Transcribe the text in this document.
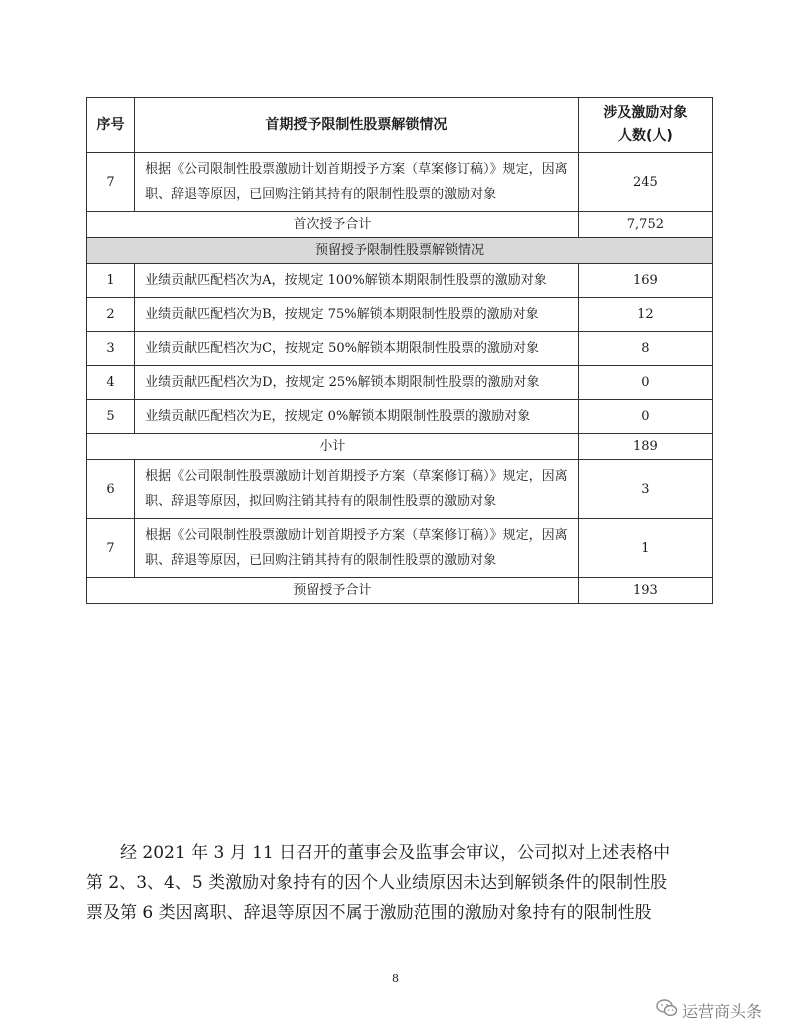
序号	首期授予限制性股票解锁情况	涉及激励对象
人数(人)

7	根据《公司限制性股票激励计划首期授予方案（草案修订稿）》规定，因离职、辞退等原因，已回购注销其持有的限制性股票的激励对象	245
首次授予合计		7,752
预留授予限制性股票解锁情况		
1	业绩贡献匹配档次为A，按规定 100%解锁本期限制性股票的激励对象	169
2	业绩贡献匹配档次为B，按规定 75%解锁本期限制性股票的激励对象	12
3	业绩贡献匹配档次为C，按规定 50%解锁本期限制性股票的激励对象	8
4	业绩贡献匹配档次为D，按规定 25%解锁本期限制性股票的激励对象	0
5	业绩贡献匹配档次为E，按规定 0%解锁本期限制性股票的激励对象	0
小计		189
6	根据《公司限制性股票激励计划首期授予方案（草案修订稿）》规定，因离职、辞退等原因，拟回购注销其持有的限制性股票的激励对象	3
7	根据《公司限制性股票激励计划首期授予方案（草案修订稿）》规定，因离职、辞退等原因，已回购注销其持有的限制性股票的激励对象	1
预留授予合计		193
　　经 2021 年 3 月 11 日召开的董事会及监事会审议，公司拟对上述表格中
第 2、3、4、5 类激励对象持有的因个人业绩原因未达到解锁条件的限制性股
票及第 6 类因离职、辞退等原因不属于激励范围的激励对象持有的限制性股
8
运营商头条
